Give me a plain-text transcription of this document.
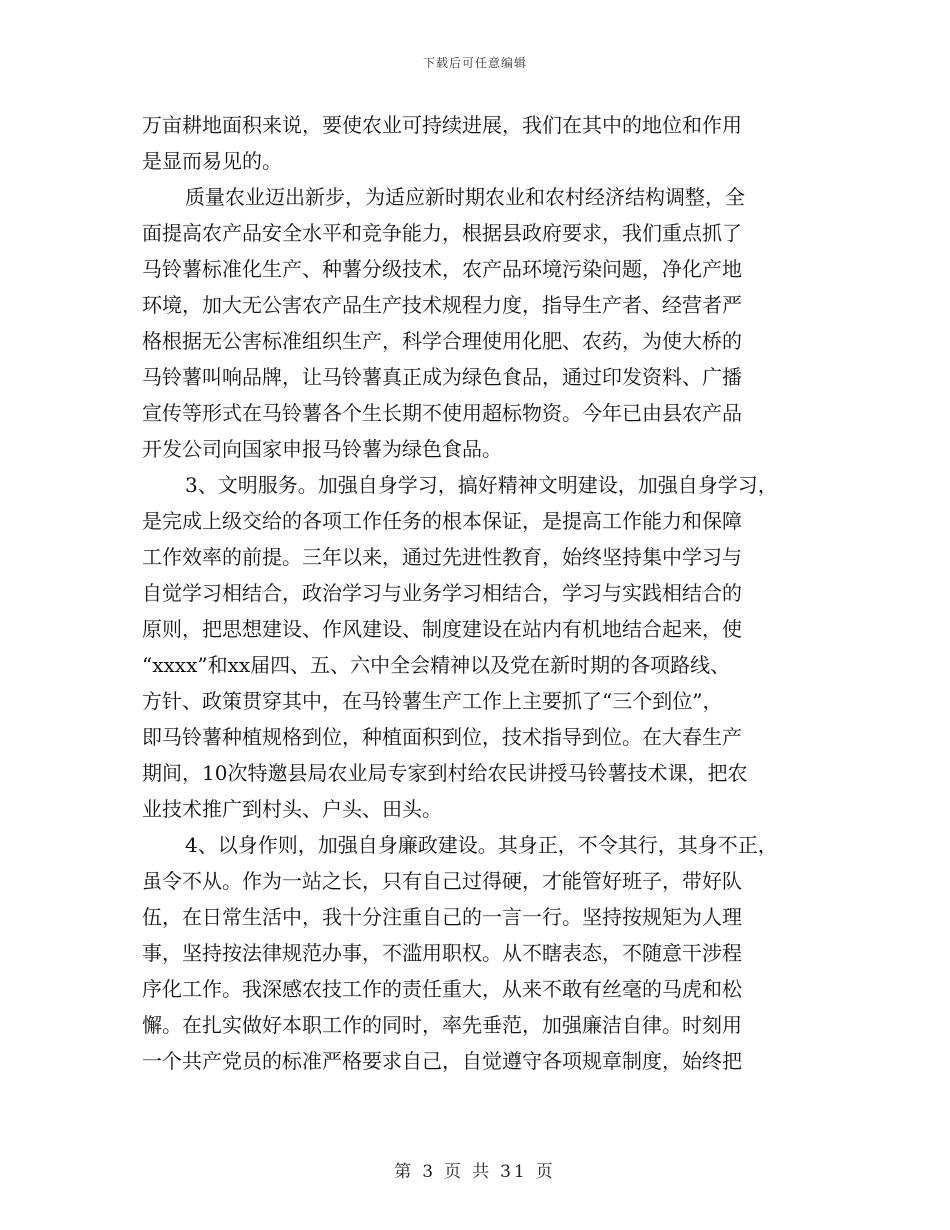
下载后可任意编辑
万亩耕地面积来说，要使农业可持续进展，我们在其中的地位和作用
是显而易见的。
质量农业迈出新步，为适应新时期农业和农村经济结构调整，全
面提高农产品安全水平和竞争能力，根据县政府要求，我们重点抓了
马铃薯标准化生产、种薯分级技术，农产品环境污染问题，净化产地
环境，加大无公害农产品生产技术规程力度，指导生产者、经营者严
格根据无公害标准组织生产，科学合理使用化肥、农药，为使大桥的
马铃薯叫响品牌，让马铃薯真正成为绿色食品，通过印发资料、广播
宣传等形式在马铃薯各个生长期不使用超标物资。今年已由县农产品
开发公司向国家申报马铃薯为绿色食品。
3、文明服务。加强自身学习，搞好精神文明建设，加强自身学习，
是完成上级交给的各项工作任务的根本保证，是提高工作能力和保障
工作效率的前提。三年以来，通过先进性教育，始终坚持集中学习与
自觉学习相结合，政治学习与业务学习相结合，学习与实践相结合的
原则，把思想建设、作风建设、制度建设在站内有机地结合起来，使
“xxxx”和xx届四、五、六中全会精神以及党在新时期的各项路线、
方针、政策贯穿其中，在马铃薯生产工作上主要抓了“三个到位”，
即马铃薯种植规格到位，种植面积到位，技术指导到位。在大春生产
期间，10次特邀县局农业局专家到村给农民讲授马铃薯技术课，把农
业技术推广到村头、户头、田头。
4、以身作则，加强自身廉政建设。其身正，不令其行，其身不正，
虽令不从。作为一站之长，只有自己过得硬，才能管好班子，带好队
伍，在日常生活中，我十分注重自己的一言一行。坚持按规矩为人理
事，坚持按法律规范办事，不滥用职权。从不瞎表态，不随意干涉程
序化工作。我深感农技工作的责任重大，从来不敢有丝毫的马虎和松
懈。在扎实做好本职工作的同时，率先垂范，加强廉洁自律。时刻用
一个共产党员的标准严格要求自己，自觉遵守各项规章制度，始终把
第 3 页 共 31 页
